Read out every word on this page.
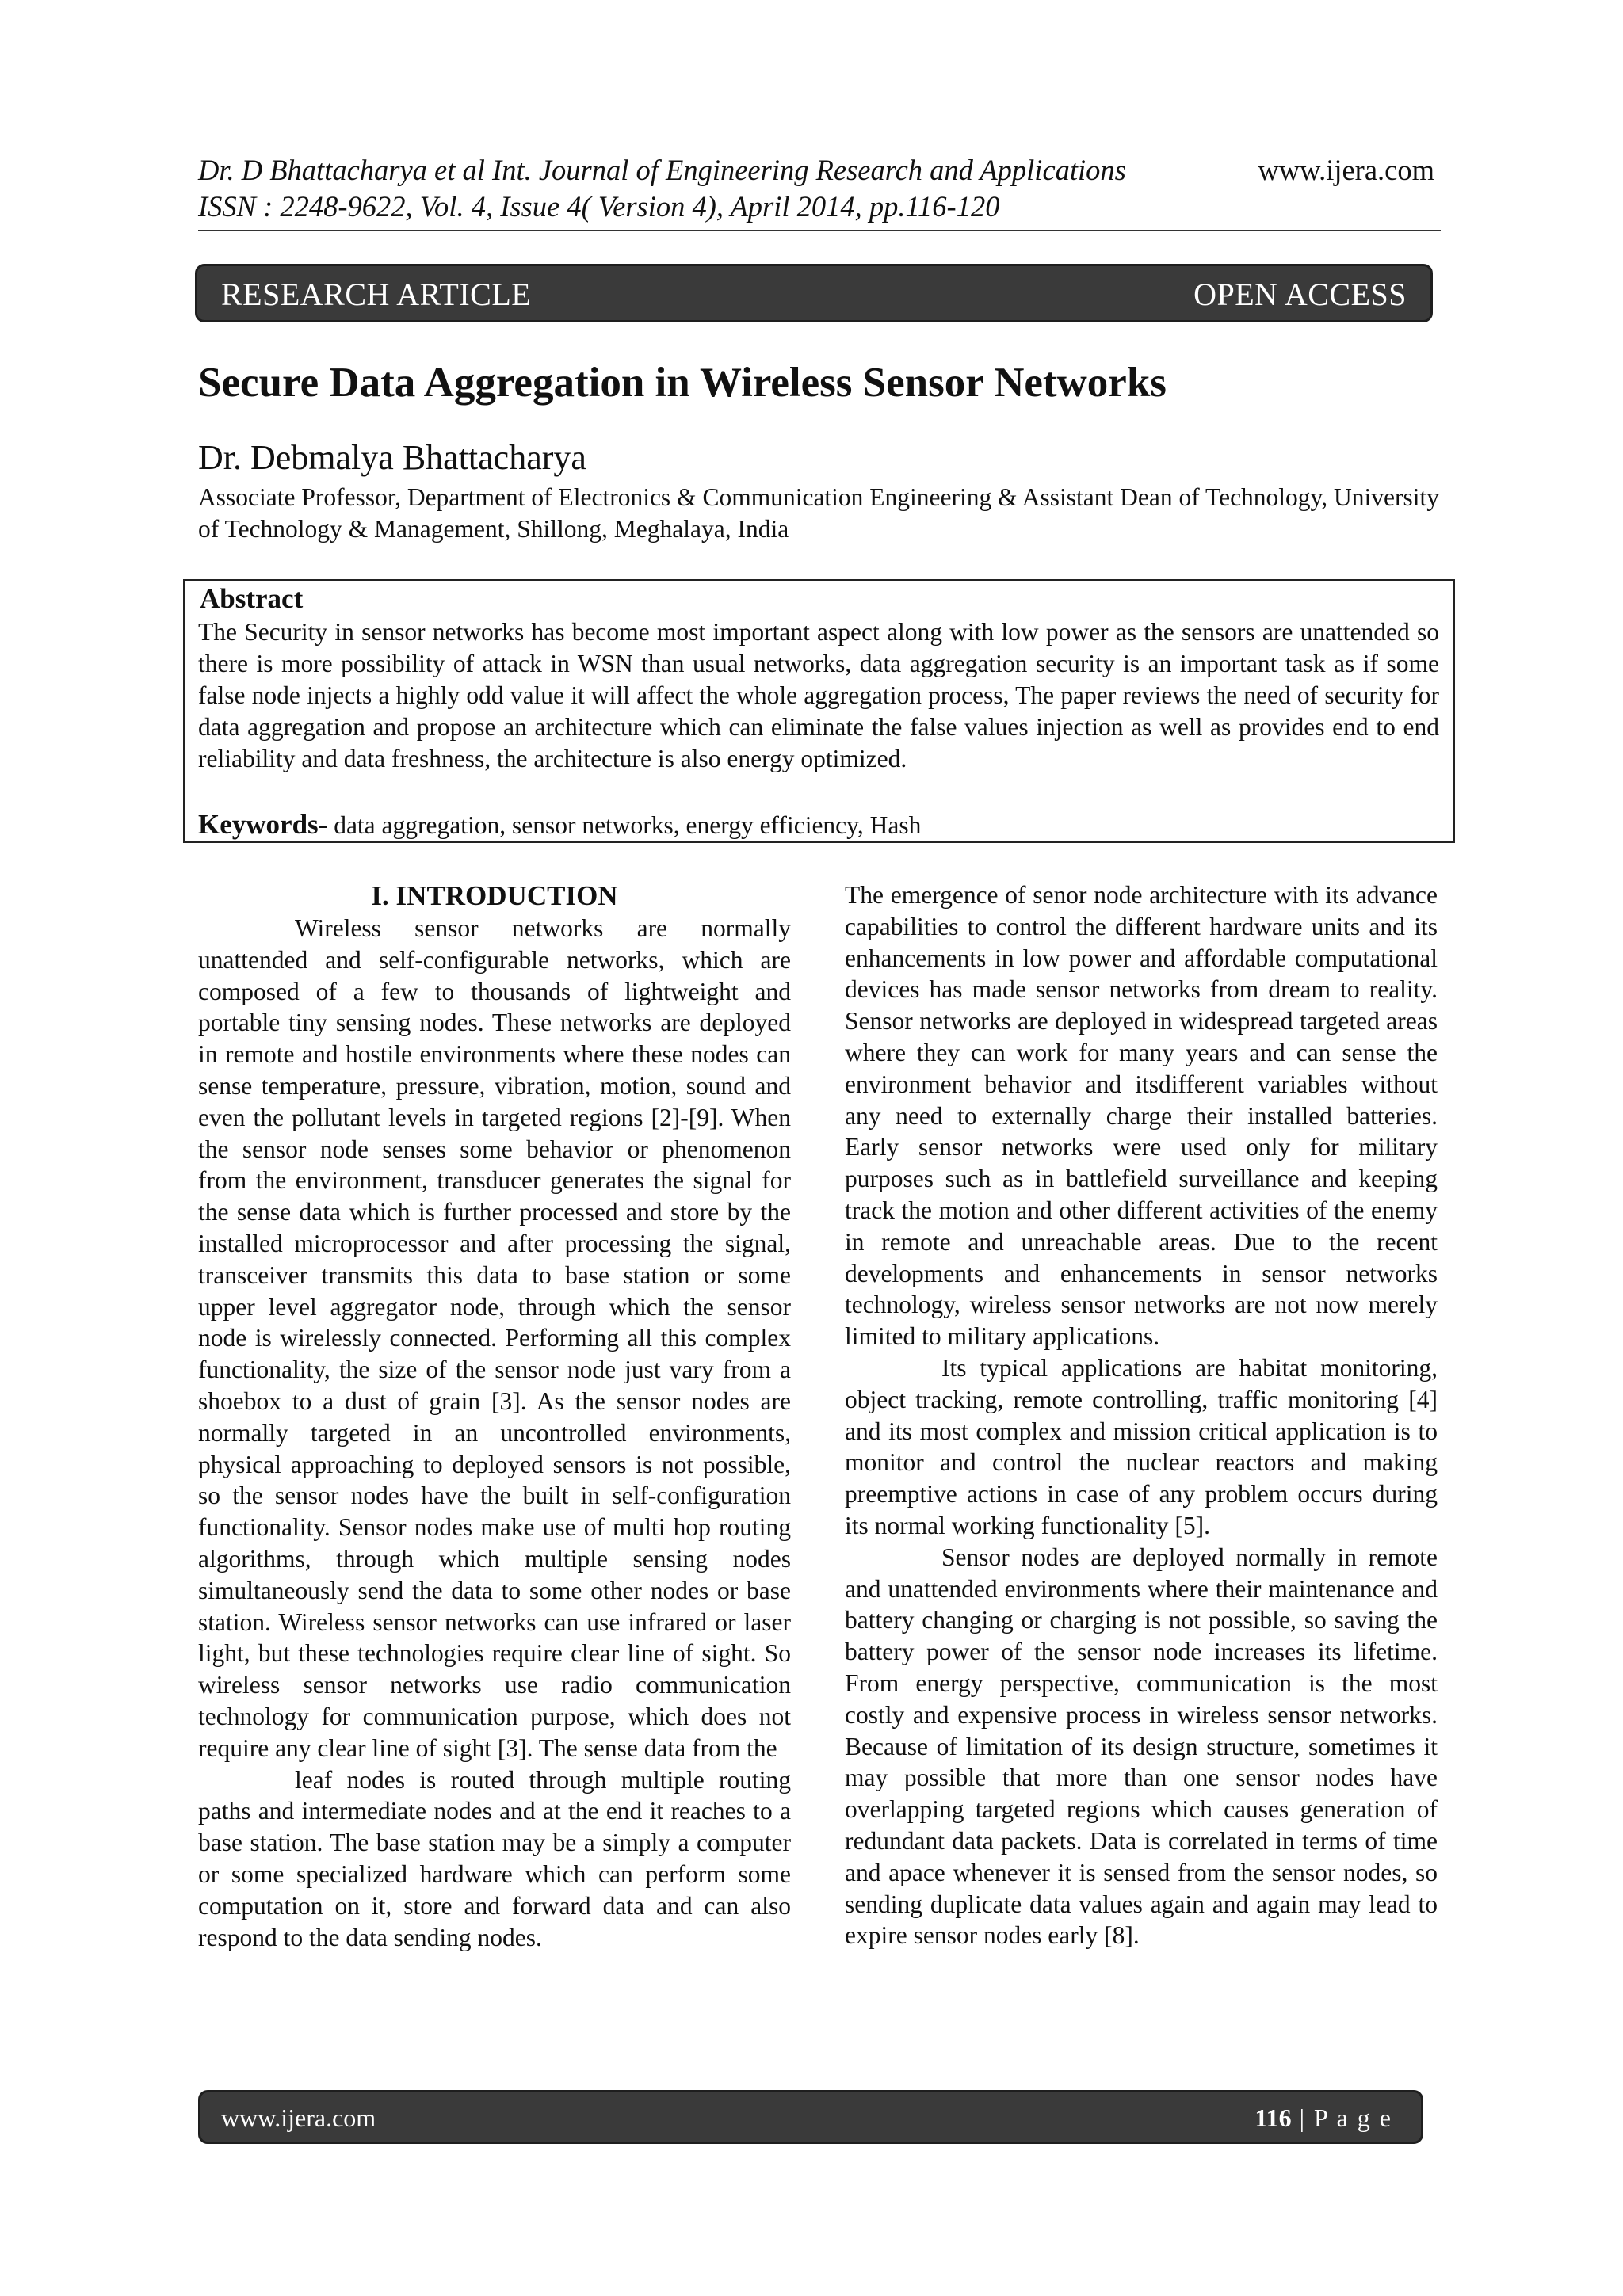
Dr. D Bhattacharya et al Int. Journal of Engineering Research and Applications	www.ijera.com
ISSN : 2248-9622, Vol. 4, Issue 4( Version 4), April 2014, pp.116-120
RESEARCH ARTICLE	OPEN ACCESS
Secure Data Aggregation in Wireless Sensor Networks
Dr. Debmalya Bhattacharya
Associate Professor, Department of Electronics & Communication Engineering & Assistant Dean of Technology, University of Technology & Management, Shillong, Meghalaya, India
Abstract
The Security in sensor networks has become most important aspect along with low power as the sensors are unattended so there is more possibility of attack in WSN than usual networks, data aggregation security is an important task as if some false node injects a highly odd value it will affect the whole aggregation process, The paper reviews the need of security for data aggregation and propose an architecture which can eliminate the false values injection as well as provides end to end reliability and data freshness, the architecture is also energy optimized.
Keywords- data aggregation, sensor networks, energy efficiency, Hash
I. INTRODUCTION

Wireless sensor networks are normally unattended and self-configurable networks, which are composed of a few to thousands of lightweight and portable tiny sensing nodes. These networks are deployed in remote and hostile environments where these nodes can sense temperature, pressure, vibration, motion, sound and even the pollutant levels in targeted regions [2]-[9]. When the sensor node senses some behavior or phenomenon from the environment, transducer generates the signal for the sense data which is further processed and store by the installed microprocessor and after processing the signal, transceiver transmits this data to base station or some upper level aggregator node, through which the sensor node is wirelessly connected. Performing all this complex functionality, the size of the sensor node just vary from a shoebox to a dust of grain [3]. As the sensor nodes are normally targeted in an uncontrolled environments, physical approaching to deployed sensors is not possible, so the sensor nodes have the built in self-configuration functionality. Sensor nodes make use of multi hop routing algorithms, through which multiple sensing nodes simultaneously send the data to some other nodes or base station. Wireless sensor networks can use infrared or laser light, but these technologies require clear line of sight. So wireless sensor networks use radio communication technology for communication purpose, which does not require any clear line of sight [3]. The sense data from the

leaf nodes is routed through multiple routing paths and intermediate nodes and at the end it reaches to a base station. The base station may be a simply a computer or some specialized hardware which can perform some computation on it, store and forward data and can also respond to the data sending nodes.

The emergence of senor node architecture with its advance capabilities to control the different hardware units and its enhancements in low power and affordable computational devices has made sensor networks from dream to reality. Sensor networks are deployed in widespread targeted areas where they can work for many years and can sense the environment behavior and itsdifferent variables without any need to externally charge their installed batteries. Early sensor networks were used only for military purposes such as in battlefield surveillance and keeping track the motion and other different activities of the enemy in remote and unreachable areas. Due to the recent developments and enhancements in sensor networks technology, wireless sensor networks are not now merely limited to military applications.

Its typical applications are habitat monitoring, object tracking, remote controlling, traffic monitoring [4] and its most complex and mission critical application is to monitor and control the nuclear reactors and making preemptive actions in case of any problem occurs during its normal working functionality [5].

Sensor nodes are deployed normally in remote and unattended environments where their maintenance and battery changing or charging is not possible, so saving the battery power of the sensor node increases its lifetime. From energy perspective, communication is the most costly and expensive process in wireless sensor networks. Because of limitation of its design structure, sometimes it may possible that more than one sensor nodes have overlapping targeted regions which causes generation of redundant data packets. Data is correlated in terms of time and apace whenever it is sensed from the sensor nodes, so sending duplicate data values again and again may lead to expire sensor nodes early [8].

www.ijera.com	116 | P a g e
